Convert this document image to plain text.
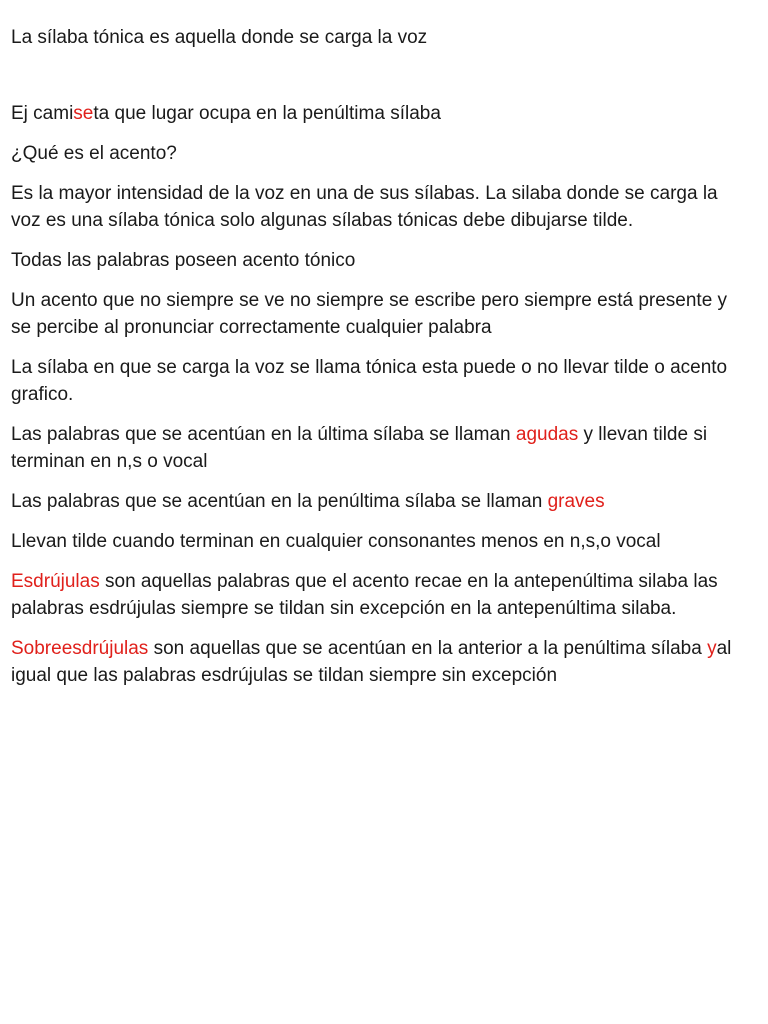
La sílaba tónica es aquella donde se carga la voz

Ej camiseta que lugar ocupa en la penúltima sílaba

¿Qué es el acento?

Es la mayor intensidad de la voz en una de sus sílabas. La silaba donde se carga la voz es una sílaba tónica solo algunas sílabas tónicas debe dibujarse tilde.

Todas las palabras poseen acento tónico

Un acento que no siempre se ve no siempre se escribe pero siempre está presente y se percibe al pronunciar correctamente cualquier palabra

La sílaba en que se carga la voz se llama tónica esta puede o no llevar tilde o acento grafico.

Las palabras que se acentúan en la última sílaba se llaman agudas y llevan tilde si terminan en n,s o vocal

Las palabras que se acentúan en la penúltima sílaba se llaman graves

Llevan tilde cuando terminan en cualquier consonantes menos en n,s,o vocal

Esdrújulas son aquellas palabras que el acento recae en la antepenúltima silaba las palabras esdrújulas siempre se tildan sin excepción en la antepenúltima silaba.

Sobreesdrújulas son aquellas que se acentúan en la anterior a la penúltima sílaba yal igual que las palabras esdrújulas se tildan siempre sin excepción
